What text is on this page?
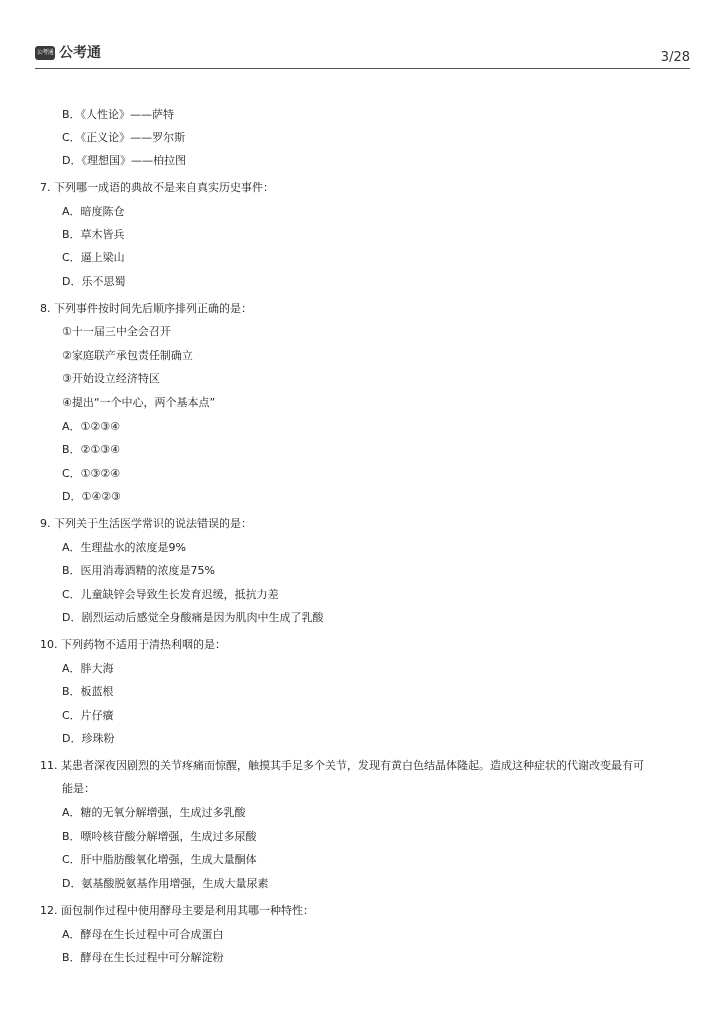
公考通 公考通	3/28
B．《人性论》——萨特
C．《正义论》——罗尔斯
D．《理想国》——柏拉图
7. 下列哪一成语的典故不是来自真实历史事件：
A．暗度陈仓
B．草木皆兵
C．逼上梁山
D．乐不思蜀
8. 下列事件按时间先后顺序排列正确的是：
①十一届三中全会召开
②家庭联产承包责任制确立
③开始设立经济特区
④提出“一个中心，两个基本点”
A．①②③④
B．②①③④
C．①③②④
D．①④②③
9. 下列关于生活医学常识的说法错误的是：
A．生理盐水的浓度是9%
B．医用消毒酒精的浓度是75%
C．儿童缺锌会导致生长发育迟缓，抵抗力差
D．剧烈运动后感觉全身酸痛是因为肌肉中生成了乳酸
10. 下列药物不适用于清热利咽的是：
A．胖大海
B．板蓝根
C．片仔癀
D．珍珠粉
11. 某患者深夜因剧烈的关节疼痛而惊醒，触摸其手足多个关节，发现有黄白色结晶体隆起。造成这种症状的代谢改变最有可
能是：
A．糖的无氧分解增强，生成过多乳酸
B．嘌呤核苷酸分解增强，生成过多尿酸
C．肝中脂肪酸氧化增强，生成大量酮体
D．氨基酸脱氨基作用增强，生成大量尿素
12. 面包制作过程中使用酵母主要是利用其哪一种特性：
A．酵母在生长过程中可合成蛋白
B．酵母在生长过程中可分解淀粉
